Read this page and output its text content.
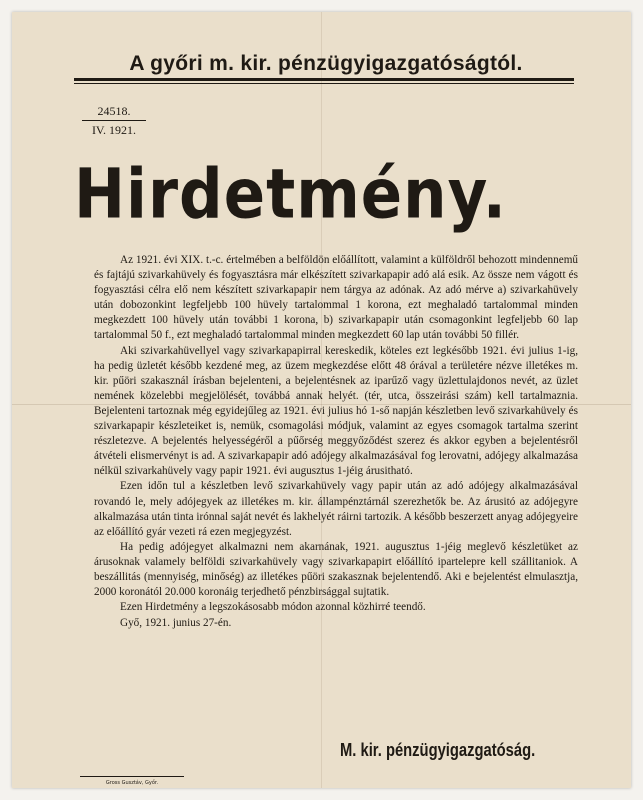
A győri m. kir. pénzügyigazgatóságtól.
24518.
IV. 1921.
Hirdetmény.

Az 1921. évi XIX. t.-c. értelmében a belföldön előállított, valamint a külföldről behozott mindennemű és fajtájú szivarkahüvely és fogyasztásra már elkészített szivarkapapir adó alá esik. Az össze nem vágott és fogyasztási célra elő nem készített szivarkapapir nem tárgya az adónak. Az adó mérve a) szivarkahüvely után dobozonkint legfeljebb 100 hüvely tartalommal 1 korona, ezt meghaladó tartalommal minden megkezdett 100 hüvely után további 1 korona, b) szivarkapapir után csomagonkint legfeljebb 60 lap tartalommal 50 f., ezt meghaladó tartalommal minden megkezdett 60 lap után további 50 fillér.

Aki szivarkahüvellyel vagy szivarkapapirral kereskedik, köteles ezt legkésőbb 1921. évi julius 1-ig, ha pedig üzletét később kezdené meg, az üzem megkezdése előtt 48 órával a területére nézve illetékes m. kir. pűöri szakasznál írásban bejelenteni, a bejelentésnek az iparűző vagy üzlettulajdonos nevét, az üzlet nemének közelebbi megjelölését, továbbá annak helyét. (tér, utca, összeirási szám) kell tartalmaznia. Bejelenteni tartoznak még egyidejűleg az 1921. évi julius hó 1-ső napján készletben levő szivarkahüvely és szivarkapapir készleteiket is, nemük, csomagolási módjuk, valamint az egyes csomagok tartalma szerint részletezve. A bejelentés helyességéről a pűőrség meggyőződést szerez és akkor egyben a bejelentésről átvételi elismervényt is ad. A szivarkapapir adó adójegy alkalmazásával fog lerovatni, adójegy alkalmazása nélkül szivarkahüvely vagy papir 1921. évi augusztus 1-jéig árusitható.

Ezen időn tul a készletben levő szivarkahüvely vagy papir után az adó adójegy alkalmazásával rovandó le, mely adójegyek az illetékes m. kir. állampénztárnál szerezhetők be. Az árusitó az adójegyre alkalmazása után tinta irónnal saját nevét és lakhelyét ráirni tartozik. A később beszerzett anyag adójegyeire az előállító gyár vezeti rá ezen megjegyzést.

Ha pedig adójegyet alkalmazni nem akarnának, 1921. augusztus 1-jéig meglevő készletüket az árusoknak valamely belföldi szivarkahüvely vagy szivarkapapirt előállító ipartelepre kell szállitaniok. A beszállitás (mennyiség, minőség) az illetékes pűöri szakasznak bejelentendő. Aki e bejelentést elmulasztja, 2000 koronától 20.000 koronáig terjedhető pénzbirsággal sujtatik.

Ezen Hirdetmény a legszokásosabb módon azonnal közhirré teendő.

Győ, 1921. junius 27-én.

M. kir. pénzügyigazgatóság.
Gross Gusztáv, Győr.
